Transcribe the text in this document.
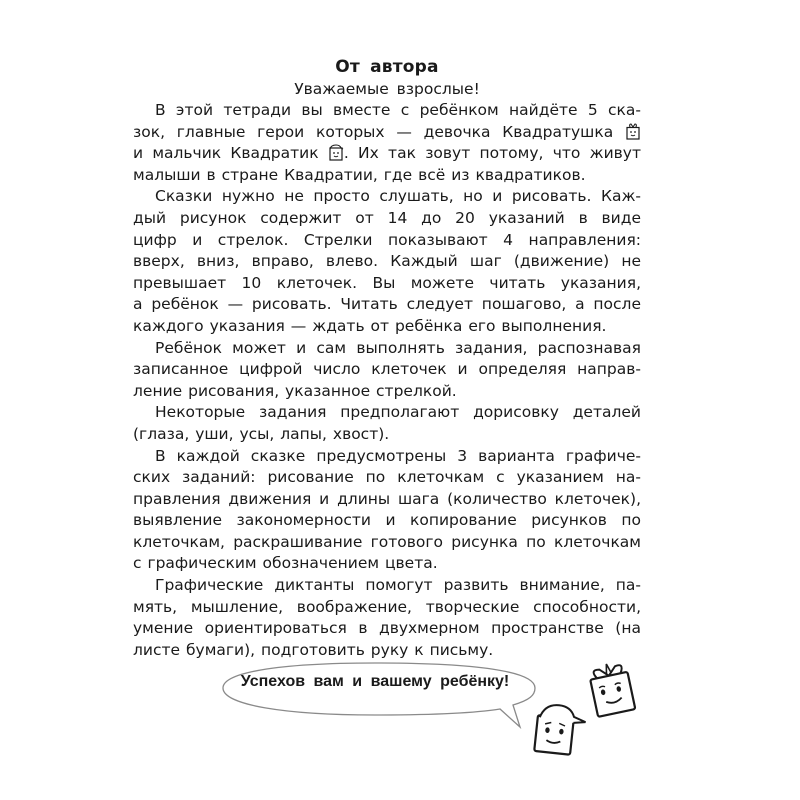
От автора
Уважаемые взрослые!
В этой тетради вы вместе с ребёнком найдёте 5 ска-
зок, главные герои которых — девочка Квадратушка
и мальчик Квадратик . Их так зовут потому, что живут
малыши в стране Квадратии, где всё из квадратиков.
Сказки нужно не просто слушать, но и рисовать. Каж-
дый рисунок содержит от 14 до 20 указаний в виде
цифр и стрелок. Стрелки показывают 4 направления:
вверх, вниз, вправо, влево. Каждый шаг (движение) не
превышает 10 клеточек. Вы можете читать указания,
а ребёнок — рисовать. Читать следует пошагово, а после
каждого указания — ждать от ребёнка его выполнения.
Ребёнок может и сам выполнять задания, распознавая
записанное цифрой число клеточек и определяя направ-
ление рисования, указанное стрелкой.
Некоторые задания предполагают дорисовку деталей
(глаза, уши, усы, лапы, хвост).
В каждой сказке предусмотрены 3 варианта графиче-
ских заданий: рисование по клеточкам с указанием на-
правления движения и длины шага (количество клеточек),
выявление закономерности и копирование рисунков по
клеточкам, раскрашивание готового рисунка по клеточкам
с графическим обозначением цвета.
Графические диктанты помогут развить внимание, па-
мять, мышление, воображение, творческие способности,
умение ориентироваться в двухмерном пространстве (на
листе бумаги), подготовить руку к письму.
Успехов вам и вашему ребёнку!
